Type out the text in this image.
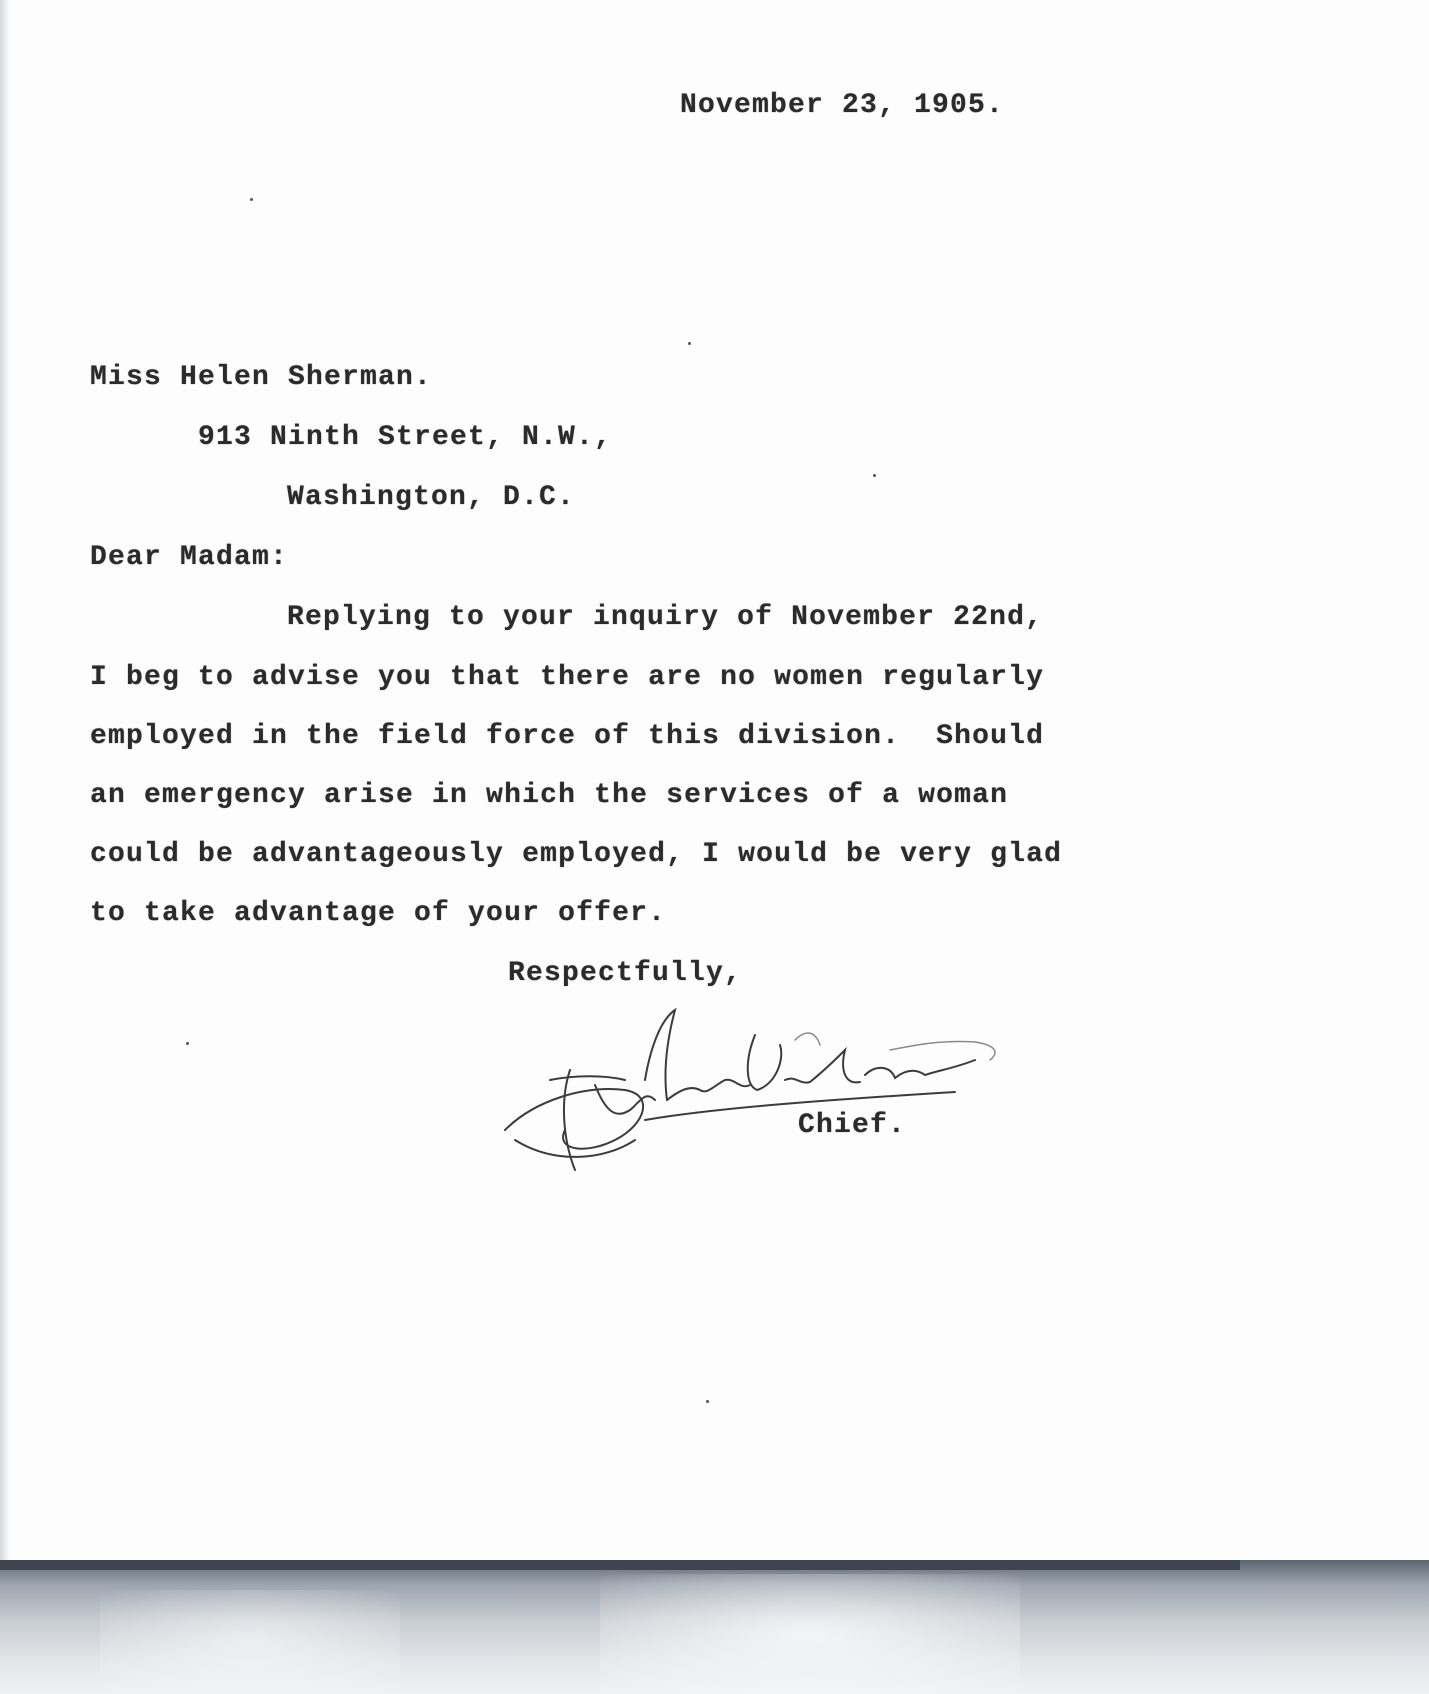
November 23, 1905.
Miss Helen Sherman.
913 Ninth Street, N.W.,
Washington, D.C.
Dear Madam:
Replying to your inquiry of November 22nd,
I beg to advise you that there are no women regularly
employed in the field force of this division.  Should
an emergency arise in which the services of a woman
could be advantageously employed, I would be very glad
to take advantage of your offer.
Respectfully,
Chief.
